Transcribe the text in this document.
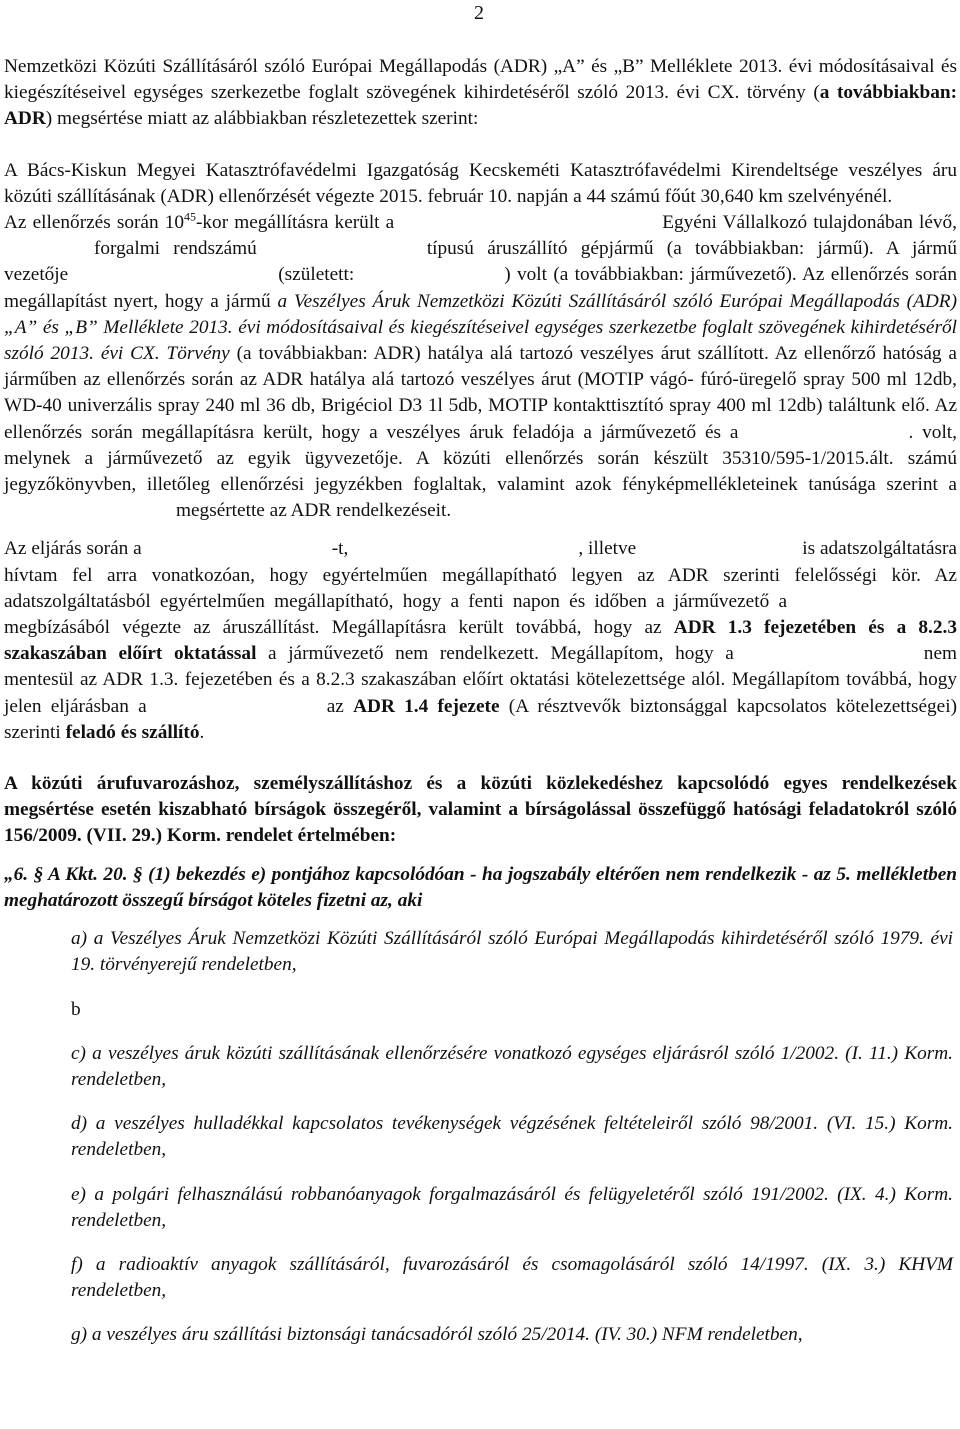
2

Nemzetközi Közúti Szállításáról szóló Európai Megállapodás (ADR) „A” és „B” Melléklete 2013. évi módosításaival és kiegészítéseivel egységes szerkezetbe foglalt szövegének kihirdetéséről szóló 2013. évi CX. törvény (a továbbiakban: ADR) megsértése miatt az alábbiakban részletezettek szerint:

A Bács-Kiskun Megyei Katasztrófavédelmi Igazgatóság Kecskeméti Katasztrófavédelmi Kirendeltsége veszélyes áru közúti szállításának (ADR) ellenőrzését végezte 2015. február 10. napján a 44 számú főút 30,640 km szelvényénél.
Az ellenőrzés során $10^{45}$-kor megállításra került a	Egyéni Vállalkozó tulajdonában lévő,forgalmi rendszámú	típusú áruszállító gépjármű (a továbbiakban: jármű). A jármű vezetője	(született:	) volt (a továbbiakban: járművezető). Az ellenőrzés során megállapítást nyert, hogy a jármű a Veszélyes Áruk Nemzetközi Közúti Szállításáról szóló Európai Megállapodás (ADR) „A” és „B” Melléklete 2013. évi módosításaival és kiegészítéseivel egységes szerkezetbe foglalt szövegének kihirdetéséről szóló 2013. évi CX. Törvény (a továbbiakban: ADR) hatálya alá tartozó veszélyes árut szállított. Az ellenőrző hatóság a járműben az ellenőrzés során az ADR hatálya alá tartozó veszélyes árut (MOTIP vágó- fúró-üregelő spray 500 ml 12db, WD-40 univerzális spray 240 ml 36 db, Brigéciol D3 1l 5db, MOTIP kontakttisztító spray 400 ml 12db) találtunk elő. Az ellenőrzés során megállapításra került, hogy a veszélyes áruk feladója a járművezető és a	. volt, melynek a járművezető az egyik ügyvezetője. A közúti ellenőrzés során készült 35310/595-1/2015.ált. számú jegyzőkönyvben, illetőleg ellenőrzési jegyzékben foglaltak, valamint azok fényképmellékleteinek tanúsága szerint amegsértette az ADR rendelkezéseit.

Az eljárás során a	-t,	, illetve	is adatszolgáltatásra hívtam fel arra vonatkozóan, hogy egyértelműen megállapítható legyen az ADR szerinti felelősségi kör. Az adatszolgáltatásból egyértelműen megállapítható, hogy a fenti napon és időben a járművezető amegbízásából végezte az áruszállítást. Megállapításra került továbbá, hogy az ADR 1.3 fejezetében és a 8.2.3 szakaszában előírt oktatással a járművezető nem rendelkezett. Megállapítom, hogy a	nem mentesül az ADR 1.3. fejezetében és a 8.2.3 szakaszában előírt oktatási kötelezettsége alól. Megállapítom továbbá, hogy jelen eljárásban a	az ADR 1.4 fejezete (A résztvevők biztonsággal kapcsolatos kötelezettségei) szerinti feladó és szállító.

A közúti árufuvarozáshoz, személyszállításhoz és a közúti közlekedéshez kapcsolódó egyes rendelkezések megsértése esetén kiszabható bírságok összegéről, valamint a bírságolással összefüggő hatósági feladatokról szóló 156/2009. (VII. 29.) Korm. rendelet értelmében:

„6. § A Kkt. 20. § (1) bekezdés e) pontjához kapcsolódóan - ha jogszabály eltérően nem rendelkezik - az 5. mellékletben meghatározott összegű bírságot köteles fizetni az, aki

a) a Veszélyes Áruk Nemzetközi Közúti Szállításáról szóló Európai Megállapodás kihirdetéséről szóló 1979. évi 19. törvényerejű rendeletben,
b
c) a veszélyes áruk közúti szállításának ellenőrzésére vonatkozó egységes eljárásról szóló 1/2002. (I. 11.) Korm. rendeletben,
d) a veszélyes hulladékkal kapcsolatos tevékenységek végzésének feltételeiről szóló 98/2001. (VI. 15.) Korm. rendeletben,
e) a polgári felhasználású robbanóanyagok forgalmazásáról és felügyeletéről szóló 191/2002. (IX. 4.) Korm. rendeletben,
f) a radioaktív anyagok szállításáról, fuvarozásáról és csomagolásáról szóló 14/1997. (IX. 3.) KHVM rendeletben,
g) a veszélyes áru szállítási biztonsági tanácsadóról szóló 25/2014. (IV. 30.) NFM rendeletben,
